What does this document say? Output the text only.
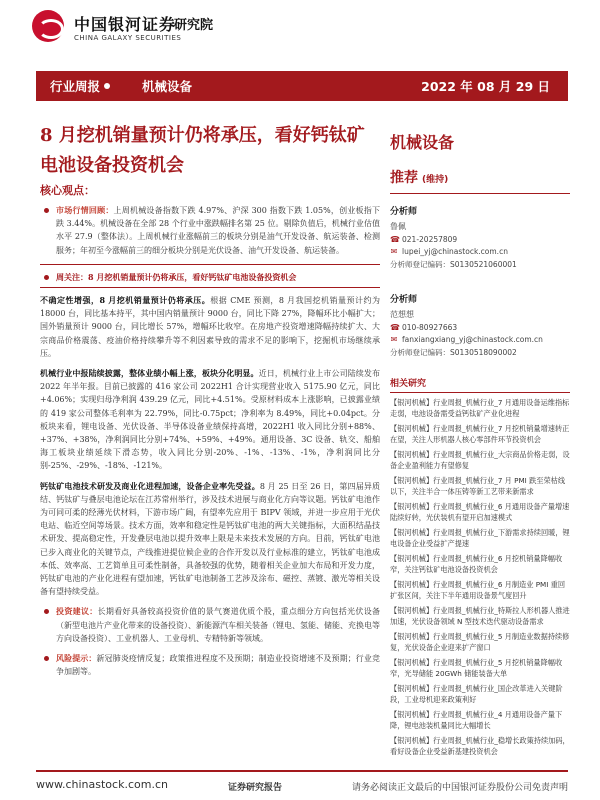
中国银河证券
CHINA GALAXY SECURITIES
研究院
行业周报	机械设备	2022 年 08 月 29 日
8 月挖机销量预计仍将承压，看好钙钛矿电池设备投资机会
核心观点：
市场行情回顾：上周机械设备指数下跌 4.97%、沪深 300 指数下跌 1.05%，创业板指下跌 3.44%。机械设备在全部 28 个行业中涨跌幅排名第 25 位。剔除负值后，机械行业估值水平 27.9（整体法）。上周机械行业涨幅前三的板块分别是油气开发设备、航运装备、检测服务；年初至今涨幅前三的细分板块分别是光伏设备、油气开发设备、航运装备。
周关注：8 月挖机销量预计仍将承压，看好钙钛矿电池设备投资机会
不确定性增强，8 月挖机销量预计仍将承压。根据 CME 预测，8 月我国挖机销量预计约为 18000 台，同比基本持平，其中国内销量预计 9000 台，同比下降 27%，降幅环比小幅扩大；国外销量预计 9000 台，同比增长 57%，增幅环比收窄。在房地产投资增速降幅持续扩大、大宗商品价格震荡、疫油价格持续攀升等不利因素导致的需求不足的影响下，挖掘机市场继续承压。
机械行业中报陆续披露，整体业绩小幅上涨，板块分化明显。近日，机械行业上市公司陆续发布 2022 年半年报。目前已披露的 416 家公司 2022H1 合计实现营业收入 5175.90 亿元，同比+4.06%；实现归母净利润 439.29 亿元，同比+4.51%。受原材料成本上涨影响，已披露业绩的 419 家公司整体毛利率为 22.79%，同比-0.75pct；净利率为 8.49%，同比+0.04pct。分板块来看，锂电设备、光伏设备、半导体设备业绩保持高增，2022H1 收入同比分别+88%、+37%、+38%，净利润同比分别+74%、+59%、+49%。通用设备、3C 设备、轨交、船舶海工板块业绩延续下滑态势，收入同比分别-20%、-1%、-13%、-1%，净利润同比分别-25%、-29%、-18%、-121%。
钙钛矿电池技术研发及商业化进程加速，设备企业率先受益。8 月 25 日至 26 日，第四届异质结、钙钛矿与叠层电池论坛在江苏常州举行，涉及技术进展与商业化方向等议题。钙钛矿电池作为可同可柔的经薄光伏材料，下游市场广阔，有望率先应用于 BIPV 领域，并进一步应用于光伏电站、临近空间等场景。技术方面，效率和稳定性是钙钛矿电池的两大关键指标，大面积结晶技术研发、提高稳定性，开发叠层电池以提升效率上限是未来技术发展的方向。目前，钙钛矿电池已步入商业化的关键节点，产线推进提位候企业的合作开发以及行业标准的建立，钙钛矿电池成本低、效率高、工艺简单且可柔性制备，具备较强的优势，随着相关企业加大布局和开发力度，钙钛矿电池的产业化进程有望加速，钙钛矿电池制备工艺涉及涂布、磁控、蒸镀、激光等相关设备有望持续受益。
投资建议：长期看好具备较高投资价值的景气赛道优质个股，重点细分方向包括光伏设备（新型电池片产业化带来的设备投资）、新能源汽车相关装备（锂电、氢能、储能、充换电等方向设备投资）、工业机器人、工业母机、专精特新等领域。
风险提示：新冠肺炎疫情反复；政策推进程度不及预期；制造业投资增速不及预期；行业竞争加剧等。
机械设备
推荐 (维持)
分析师
鲁佩
☎ 021-20257809
✉ lupei_yj@chinastock.com.cn
分析师登记编码：S0130521060001
分析师
范想想
☎ 010-80927663
✉ fanxiangxiang_yj@chinastock.com.cn
分析师登记编码：S0130518090002
相关研究
【银河机械】行业周报_机械行业_7 月通用设备运维指标走弱，电池设备需受益钙钛矿产业化进程
【银河机械】行业周报_机械行业_7 月挖机销量增速转正在望，关注人形机器人核心零部件环节投资机会
【银河机械】行业周报_机械行业_大宗商品价格走弱，设备企业盈利能力有望修复
【银河机械】行业周报_机械行业_7 月 PMI 跌至荣枯线以下，关注半合一体压铸等新工艺带来新需求
【银河机械】行业周报_机械行业_6 月通用设备产量增速陆续好转，光伏装机有望开启加速模式
【银河机械】行业周报_机械行业_下游需求持续回暖，锂电设备企业受益扩产提速
【银河机械】行业周报_机械行业_6 月挖机销量降幅收窄，关注钙钛矿电池设备投资机会
【银河机械】行业周报_机械行业_6 月制造业 PMI 重回扩张区间，关注下半年通用设备景气度回升
【银河机械】行业周报_机械行业_特斯拉人形机器人推进加速，光伏设备领域 N 型技术迭代驱动设备需求
【银河机械】行业周报_机械行业_5 月制造业数据持续修复，光伏设备企业迎来扩产窗口
【银河机械】行业周报_机械行业_5 月挖机销量降幅收窄，光导储能 20GWh 储能装备大单
【银河机械】行业周报_机械行业_国企改革进入关键阶段，工业母机迎来政策利好
【银河机械】行业周报_机械行业_4 月通用设备产量下降，锂电池装机量同比大幅增长
【银河机械】行业周报_机械行业_稳增长政策持续加码，看好设备企业受益新基建投资机会
www.chinastock.com.cn	证券研究报告	请务必阅读正文最后的中国银河证券股份公司免责声明
